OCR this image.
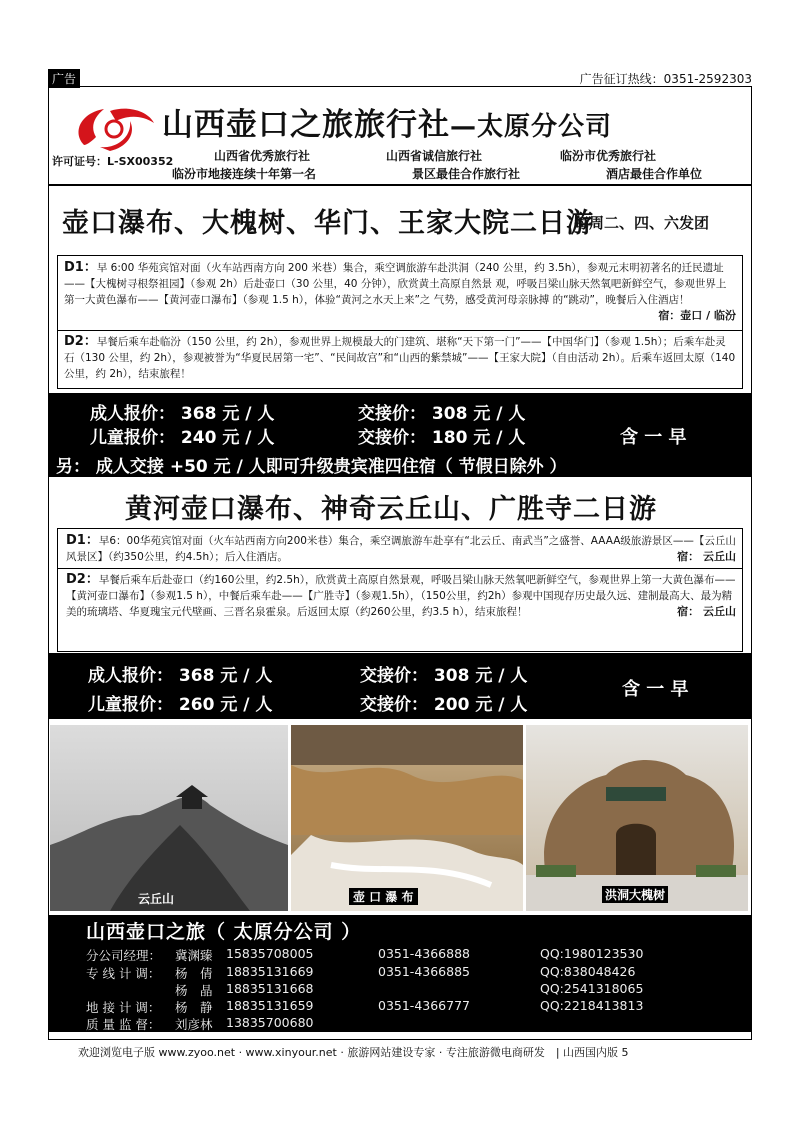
广告	广告征订热线：0351-2592303
山西壶口之旅旅行社—太原分公司
许可证号：L-SX00352	山西省优秀旅行社	山西省诚信旅行社	临汾市优秀旅行社
临汾市地接连续十年第一名	景区最佳合作旅行社	酒店最佳合作单位
壶口瀑布、大槐树、华门、王家大院二日游
每周二、四、六发团
D1：早 6:00 华苑宾馆对面（火车站西南方向 200 米巷）集合，乘空调旅游车赴洪洞（240 公里，约 3.5h），参观元末明初著名的迁民遗址——【大槐树寻根祭祖园】（参观 2h）后赴壶口（30 公里，40 分钟），欣赏黄土高原自然景 观，呼吸吕梁山脉天然氧吧新鲜空气，参观世界上第一大黄色瀑布——【黄河壶口瀑布】（参观 1.5 h），体验“黄河之水天上来”之 气势，感受黄河母亲脉搏 的“跳动”，晚餐后入住酒店！
宿：壶口 / 临汾
D2：早餐后乘车赴临汾（150 公里，约 2h），参观世界上规模最大的门建筑、堪称“天下第一门”——【中国华门】（参观 1.5h）；后乘车赴灵石（130 公里，约 2h），参观被誉为“华夏民居第一宅”、“民间故宫”和“山西的紫禁城”——【王家大院】（自由活动 2h）。后乘车返回太原（140 公里，约 2h），结束旅程！
成人报价： 368 元 / 人	交接价： 308 元 / 人
儿童报价： 240 元 / 人	交接价： 180 元 / 人	含 一 早
另： 成人交接 +50 元 / 人即可升级贵宾准四住宿（ 节假日除外 ）
黄河壶口瀑布、神奇云丘山、广胜寺二日游
D1：早6：00华苑宾馆对面（火车站西南方向200米巷）集合，乘空调旅游车赴享有“北云丘、南武当”之盛誉、AAAA级旅游景区——【云丘山风景区】（约350公里，约4.5h）；后入住酒店。	宿： 云丘山
D2：早餐后乘车后赴壶口（约160公里，约2.5h），欣赏黄土高原自然景观，呼吸吕梁山脉天然氧吧新鲜空气，参观世界上第一大黄色瀑布——【黄河壶口瀑布】（参观1.5 h），中餐后乘车赴——【广胜寺】（参观1.5h），（150公里，约2h）参观中国现存历史最久远、建制最高大、最为精美的琉璃塔、华夏瑰宝元代壁画、三晋名泉霍泉。后返回太原（约260公里，约3.5 h），结束旅程！	宿： 云丘山
成人报价： 368 元 / 人	交接价： 308 元 / 人
儿童报价： 260 元 / 人	交接价： 200 元 / 人
含 一 早
云丘山	壶 口 瀑 布	洪洞大槐树
山西壶口之旅（ 太原分公司 ）
分公司经理： 冀渊臻 15835708005	0351-4366888	QQ:1980123530
专 线 计 调： 杨　倩 18835131669	0351-4366885	QQ:838048426
杨　晶 18835131668	QQ:2541318065
地 接 计 调： 杨　静 18835131659	0351-4366777	QQ:2218413813
质 量 监 督： 刘彦林 13835700680
欢迎浏览电子版 www.zyoo.net · www.xinyour.net · 旅游网站建设专家 · 专注旅游微电商研发　| 山西国内版 5
